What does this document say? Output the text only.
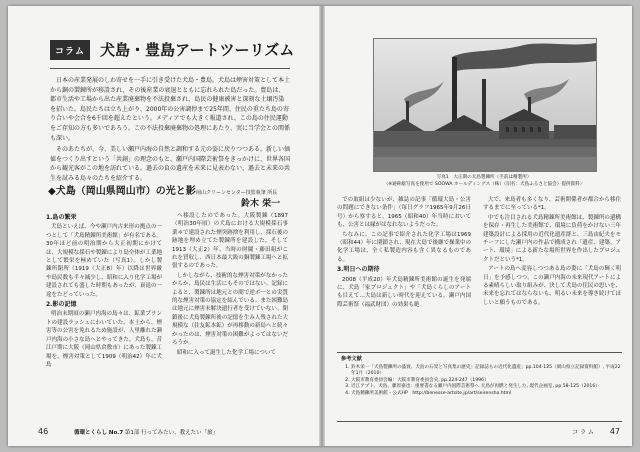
コラム	犬島・豊島アートツーリズム

日本の産業発展のしわ寄せを一手に引き受けた犬島・豊島。犬島は煙害対策として本土から銅の製錬所が移設され、その後産業の衰退とともに忘れられた島だった。豊島は、都市生活や工場から出た産業廃棄物を不法投棄され、島民の健康被害と深刻な土壌汚染を招いた。島民たちは立ち上がり、2000年の公害調停まで25年間、住民の重たち島の寄り合いや会合を6千回を超えたという。メディアでも大きく報道され、この島の住民運動をご存知の方も多いであろう。この不法投棄廃棄物の処理にあたり、実に当学会との関係も深い。

そのあたちが、今、美しい瀬戸内海の自然と調和する元の姿に戻りつつある。新しい価値をつくり出すという「共創」の理念のもと、瀬戸内国際芸術祭をきっかけに、世界各国から観光客がこの地を訪れている。過去の負の遺産を未来に見表わない、過去と未来の共生を試みる島々のたちを紹介する。

◆犬島（岡山県岡山市）の光と影 岡山クリーンセンター技監執筆 所長
鈴木 栄一

1.島の繁栄

犬島といえば、今や瀬戸内古来形の拠点の一つとして「犬島精錬所美術館」が有名である。30年ほど前の明治期から大正初期にかけては、大規模な採石や製錬により島全体が工業地として繁栄を極めていた（写真1）。しかし製錬所閉所（1919（大正8）年）以降は世界敵や島民数も半々減少し、昭和に入り化学工場が建設されても盛した時期もあったが、衰退の一途をたどっていった。

2.影の記憶

明治末期頃の瀬戸内海の島々は、鉱業プラントの建設ラッシュにわいていた。本土から、煙害等の公害を免れるため施設が、人里離れた瀬戸内海の小さな島へとやってきた。犬島も、昔江戸期に大阪（岡山県倉敷市）にあった製錬工場を、煙害対策として1909（明治42）年に犬島

へ移設したのであった。大阪製錬（1897（明治30年頃）の犬島における大規模採石事業＊で建設された煙突跡捨を利用し、採石後の跡地を埋め立てた製錬所を建設した。そして1913（大正2）年、当時の財閥・藤田組がこれを買収し、西日本最大級の銅製錬工場へと拡張するのであった。

しかしながら、技術的な煙害対策がなかったからか、島民は生活にもそのではない。記録によると、製錬所は地元との間で逆ボ一との実質的な煙害対策の協定を結んでいる。また困難島は地元に煙害未解決遺行者を受けていない。閉鎖後に犬島製錬所後の記憶を生み人残された大規模な（住友鉱本鉱）が再移動の新島へと続々かったのは、煙害対策の困難がよってはないだろうか。

昭和に入って誕生した化学工場について

46	循環とくらし No.7 第1部 行ってみたい、教えたい「旅」
写真1　大正期の犬島製錬所（手前は精製所）
（※通称総写真を使用で SOOWA ホールディングス（株）（旧名：犬島ふるさと協会）提供資料）

での取組は少ないが、雑誌の記事「循環大島・公害の問題にできない条件」（毎日グラフ1965年9月26日号）から察すると、1965（昭和40）年当時においても、公害とは縁がはなれないようだった。

ちなみに、この記事で紹介された化学工場は1969（昭和44）年に閉鎖され、現在大島で後継で操業中の化学工場は、全く私製造内容も含く異なるものである。

3.明日への期待

2008（平成20）年犬島精錬所美術館の誕生を発端に、犬島「家プロジェクト」や「犬島くらしのアートも目えて…大島は新しい時代を迎えている。瀬戸内国際芸術祭（福武財団）の効果も絶

大で、来島者も多くなり、芸術開係者が都合から移住するまでに至っている*1。

中でも注目される犬島精錬所美術館は、製錬所の遺構を保存・再生した美術館で、環境に負荷をかけない三年建築設計による採用の近代化遺産群と、三島由紀夫をモチーフにした瀬戸内の作品で構成され「遺産、建築、アート、環境」による新たな場所世界を作出したプロジェクトだという*1。

アートの島へ変容しつつある島の姿に「犬島の輝く明日」を予感しつつ、この瀬戸内海の未来現代アートによる素晴らしい取り組みが、決して犬島の住民の思いを、未来を忘れてはならないも、明るい未来を導き続けてほしいと願うものである。

参考文献
1. 鈴木栄一「犬島製錬所の盛衰、犬島の石炭と写真集の歴史」記録誌もの近代化遺産」pp.104-125（岡山県立記録資料館）, 平成22年1月（2010）
2. 大阪市教育委員会編：大阪市教育委員会史, pp.224-247（1996）
3. 近江アプト、犬島、藤原嘉也：重要書なる瀬戸内国際芸術祭へ 犬島が再燃と発生した, 現代企画室, pp.58-125（2016）
4. 犬島精錬所美術館・公式HP　http://benesse-artsite.jp/art/seirensho.html
コ ラ ム 47
